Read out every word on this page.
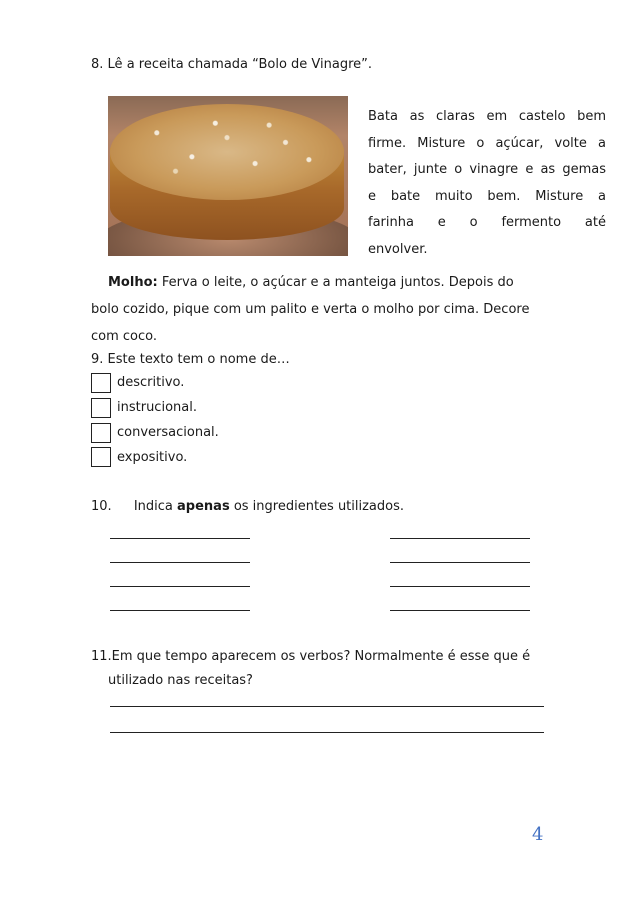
8. Lê a receita chamada “Bolo de Vinagre”.
Bata as claras em castelo bem
firme. Misture o açúcar, volte a
bater, junte o vinagre e as gemas
e bate muito bem. Misture a
farinha e o fermento até
envolver.
Molho: Ferva o leite, o açúcar e a manteiga juntos. Depois do
bolo cozido, pique com um palito e verta o molho por cima. Decore
com coco.
9. Este texto tem o nome de…
descritivo.
instrucional.
conversacional.
expositivo.
10. Indica apenas os ingredientes utilizados.
11.Em que tempo aparecem os verbos? Normalmente é esse que é
utilizado nas receitas?
4
